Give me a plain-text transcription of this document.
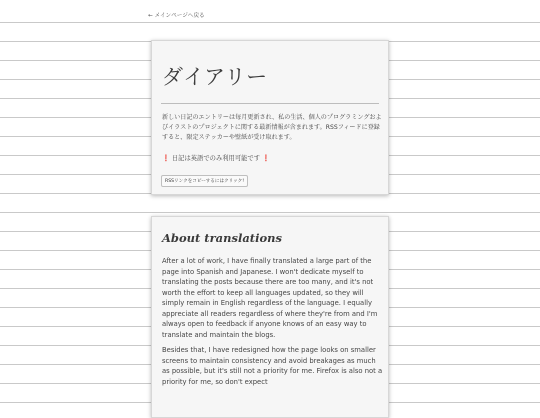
← メインページへ戻る
ダイアリー

新しい日記のエントリーは毎月更新され、私の生活、個人のプログラミングおよびイラストのプロジェクトに関する最新情報が含まれます。RSSフィードに登録すると、限定ステッカーや壁紙が受け取れます。

❗ 日記は英語でのみ利用可能です ❗

RSSリンクをコピーするにはクリック!
About translations

After a lot of work, I have finally translated a large part of the page into Spanish and Japanese. I won't dedicate myself to translating the posts because there are too many, and it's not worth the effort to keep all languages updated, so they will simply remain in English regardless of the language. I equally appreciate all readers regardless of where they're from and I'm always open to feedback if anyone knows of an easy way to translate and maintain the blogs.

Besides that, I have redesigned how the page looks on smaller screens to maintain consistency and avoid breakages as much as possible, but it's still not a priority for me. Firefox is also not a priority for me, so don't expect
